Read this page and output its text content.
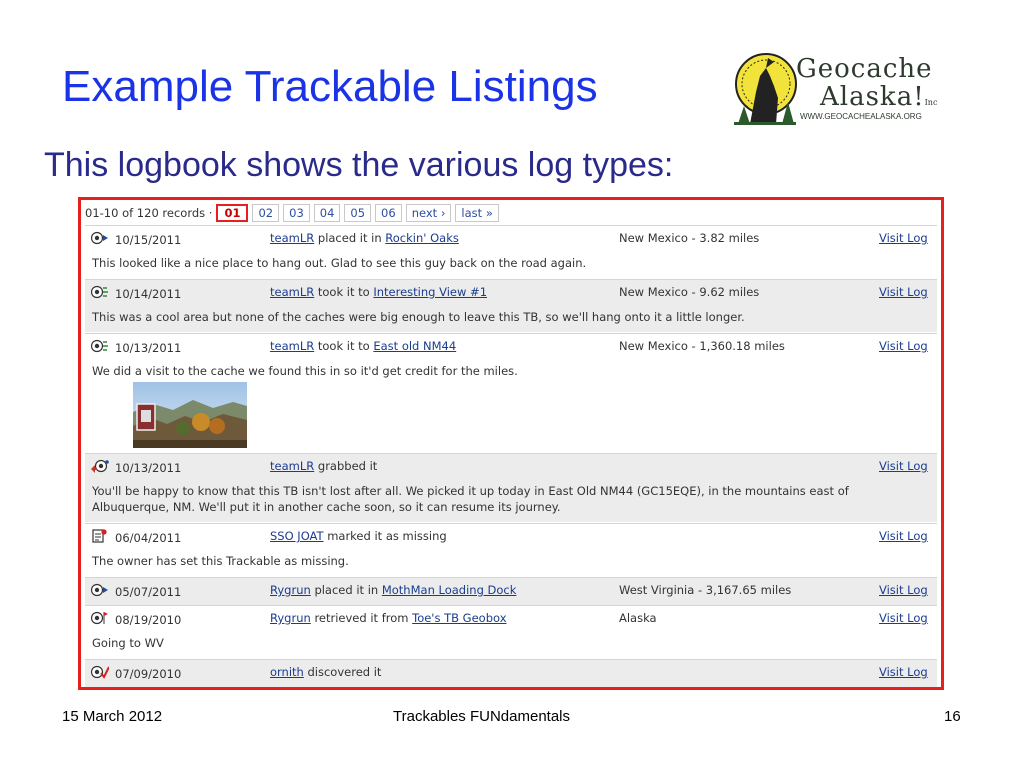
Example Trackable Listings
This logbook shows the various log types:
Geocache
Alaska!Inc
WWW.GEOCACHEALASKA.ORG
01-10 of 120 records ·	01	02	03	04	05	06	next ›	last »
10/15/2011	teamLR placed it in Rockin' Oaks	New Mexico - 3.82 miles	Visit Log
This looked like a nice place to hang out. Glad to see this guy back on the road again.
10/14/2011	teamLR took it to Interesting View #1	New Mexico - 9.62 miles	Visit Log
This was a cool area but none of the caches were big enough to leave this TB, so we'll hang onto it a little longer.
10/13/2011	teamLR took it to East old NM44	New Mexico - 1,360.18 miles	Visit Log
We did a visit to the cache we found this in so it'd get credit for the miles.
10/13/2011	teamLR grabbed it	Visit Log
You'll be happy to know that this TB isn't lost after all. We picked it up today in East Old NM44 (GC15EQE), in the mountains east of Albuquerque, NM. We'll put it in another cache soon, so it can resume its journey.
06/04/2011	SSO JOAT marked it as missing	Visit Log
The owner has set this Trackable as missing.
05/07/2011	Rygrun placed it in MothMan Loading Dock	West Virginia - 3,167.65 miles	Visit Log
08/19/2010	Rygrun retrieved it from Toe's TB Geobox	Alaska	Visit Log
Going to WV
07/09/2010	ornith discovered it	Visit Log
15 March 2012	Trackables FUNdamentals	16
